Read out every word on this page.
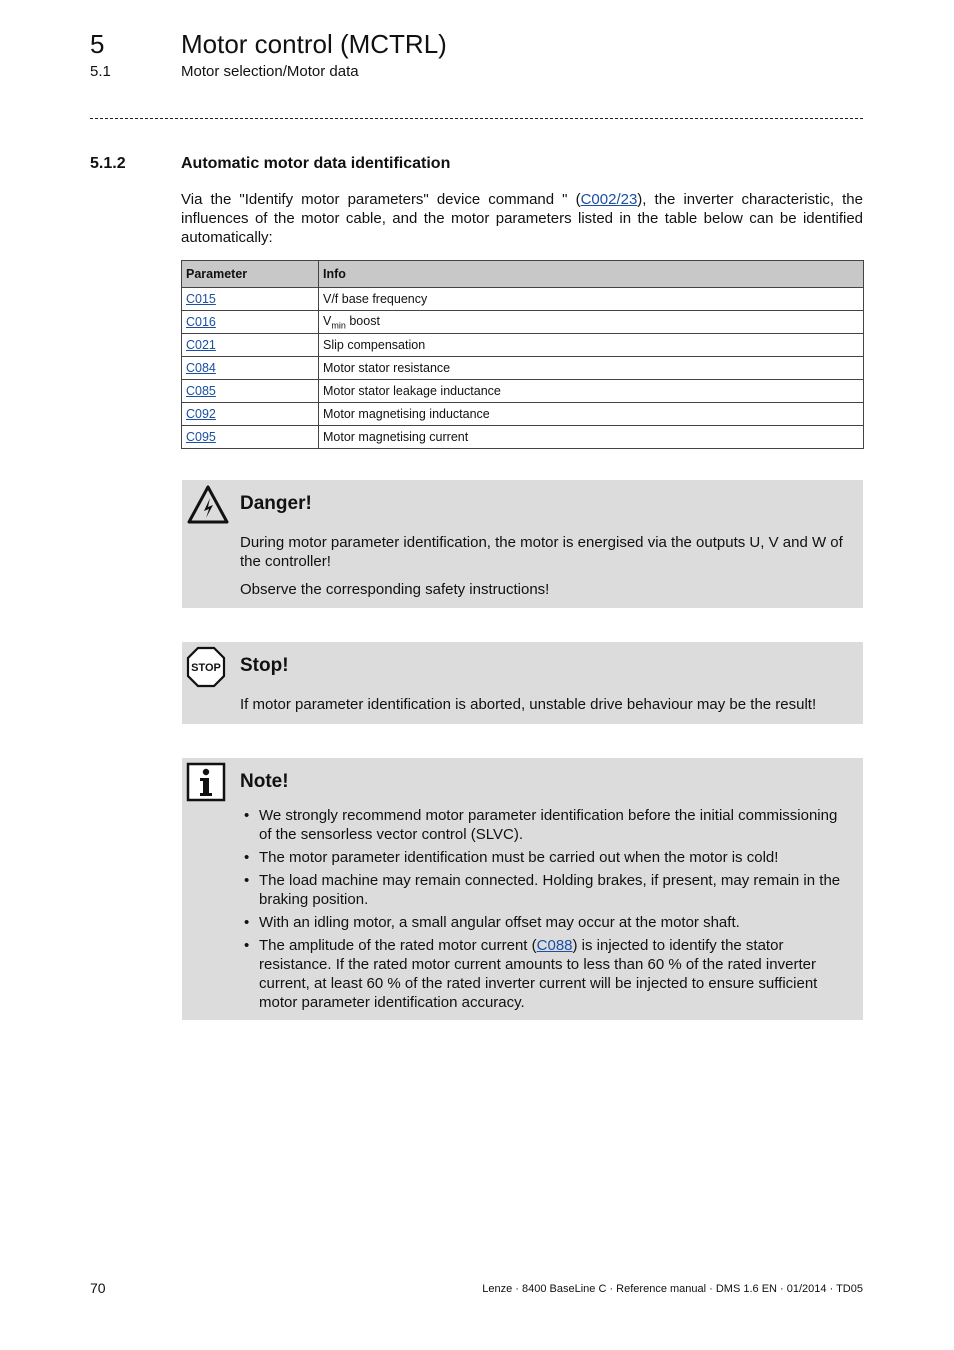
5	Motor control (MCTRL)
5.1	Motor selection/Motor data
5.1.2	Automatic motor data identification

Via the "Identify motor parameters" device command " (C002/23), the inverter characteristic, the influences of the motor cable, and the motor parameters listed in the table below can be identified automatically:

Parameter	Info
C015	V/f base frequency
C016	$V_{min}$ boost
C021	Slip compensation
C084	Motor stator resistance
C085	Motor stator leakage inductance
C092	Motor magnetising inductance
C095	Motor magnetising current
Danger!

During motor parameter identification, the motor is energised via the outputs U, V and W of the controller!

Observe the corresponding safety instructions!

STOP Stop!

If motor parameter identification is aborted, unstable drive behaviour may be the result!

Note!
• We strongly recommend motor parameter identification before the initial commissioning of the sensorless vector control (SLVC).
• The motor parameter identification must be carried out when the motor is cold!
• The load machine may remain connected. Holding brakes, if present, may remain in the braking position.
• With an idling motor, a small angular offset may occur at the motor shaft.
• The amplitude of the rated motor current (C088) is injected to identify the stator resistance. If the rated motor current amounts to less than 60 % of the rated inverter current, at least 60 % of the rated inverter current will be injected to ensure sufficient motor parameter identification accuracy.
70	Lenze · 8400 BaseLine C · Reference manual · DMS 1.6 EN · 01/2014 · TD05
